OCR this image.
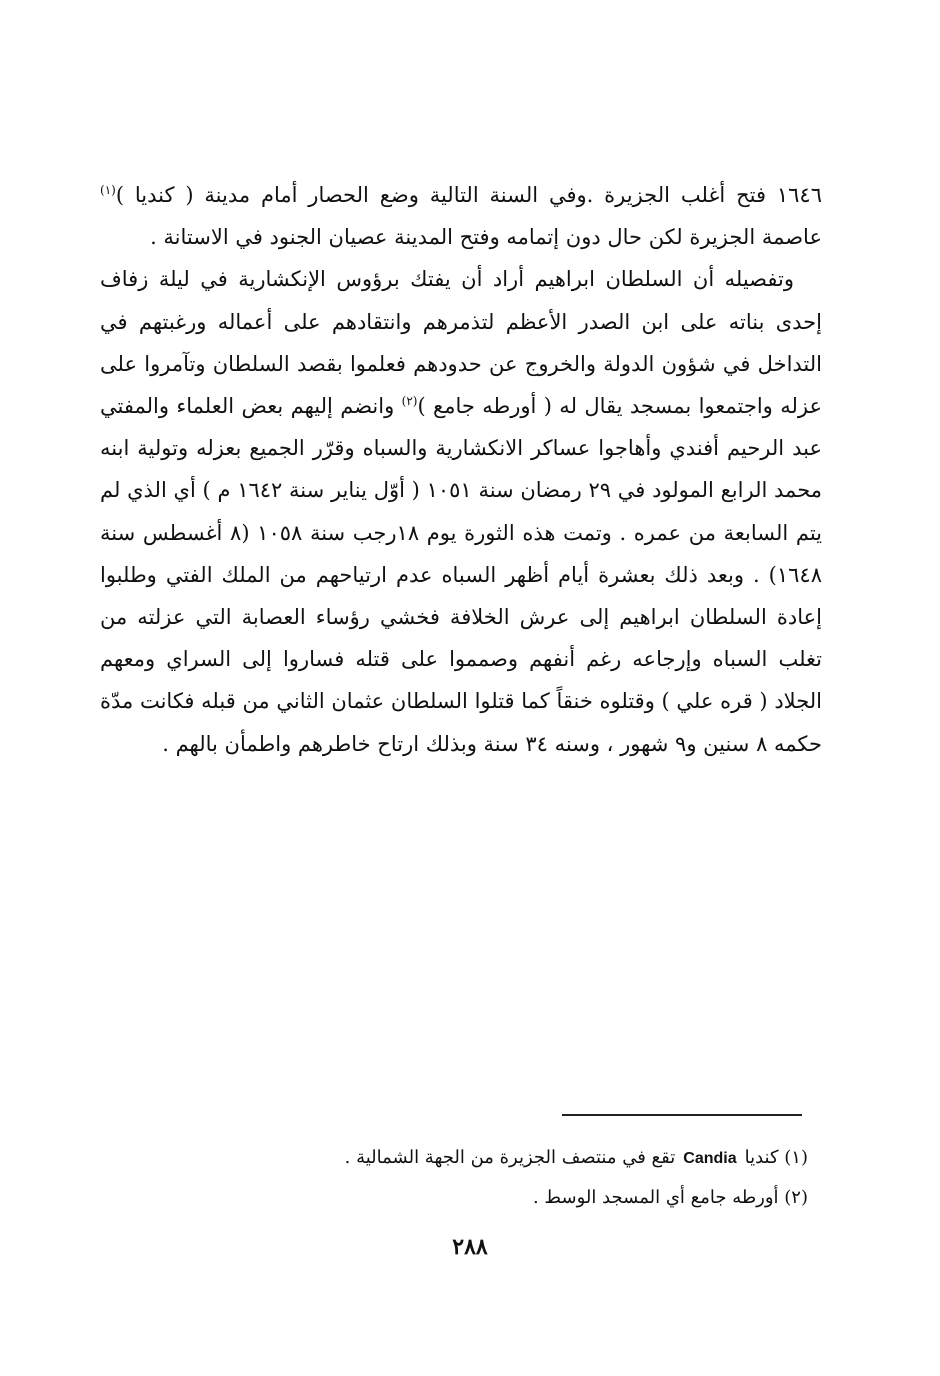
١٦٤٦ فتح أغلب الجزيرة .وفي السنة التالية وضع الحصار أمام مدينة ( كنديا )$^{(١)}$ عاصمة الجزيرة لكن حال دون إتمامه وفتح المدينة عصيان الجنود في الاستانة .

وتفصيله أن السلطان ابراهيم أراد أن يفتك برؤوس الإنكشارية في ليلة زفاف إحدى بناته على ابن الصدر الأعظم لتذمرهم وانتقادهم على أعماله ورغبتهم في التداخل في شؤون الدولة والخروج عن حدودهم فعلموا بقصد السلطان وتآمروا على عزله واجتمعوا بمسجد يقال له ( أورطه جامع )$^{(٢)}$ وانضم إليهم بعض العلماء والمفتي عبد الرحيم أفندي وأهاجوا عساكر الانكشارية والسباه وقرّر الجميع بعزله وتولية ابنه محمد الرابع المولود في ٢٩ رمضان سنة ١٠٥١ ( أوّل يناير سنة ١٦٤٢ م ) أي الذي لم يتم السابعة من عمره . وتمت هذه الثورة يوم ١٨رجب سنة ١٠٥٨ (٨ أغسطس سنة ١٦٤٨) . وبعد ذلك بعشرة أيام أظهر السباه عدم ارتياحهم من الملك الفتي وطلبوا إعادة السلطان ابراهيم إلى عرش الخلافة فخشي رؤساء العصابة التي عزلته من تغلب السباه وإرجاعه رغم أنفهم وصمموا على قتله فساروا إلى السراي ومعهم الجلاد ( قره علي ) وقتلوه خنقاً كما قتلوا السلطان عثمان الثاني من قبله فكانت مدّة حكمه ٨ سنين و٩ شهور ، وسنه ٣٤ سنة وبذلك ارتاح خاطرهم واطمأن بالهم .

(١) كندياCandiaتقع في منتصف الجزيرة من الجهة الشمالية .
(٢) أورطه جامع أي المسجد الوسط .
٢٨٨
